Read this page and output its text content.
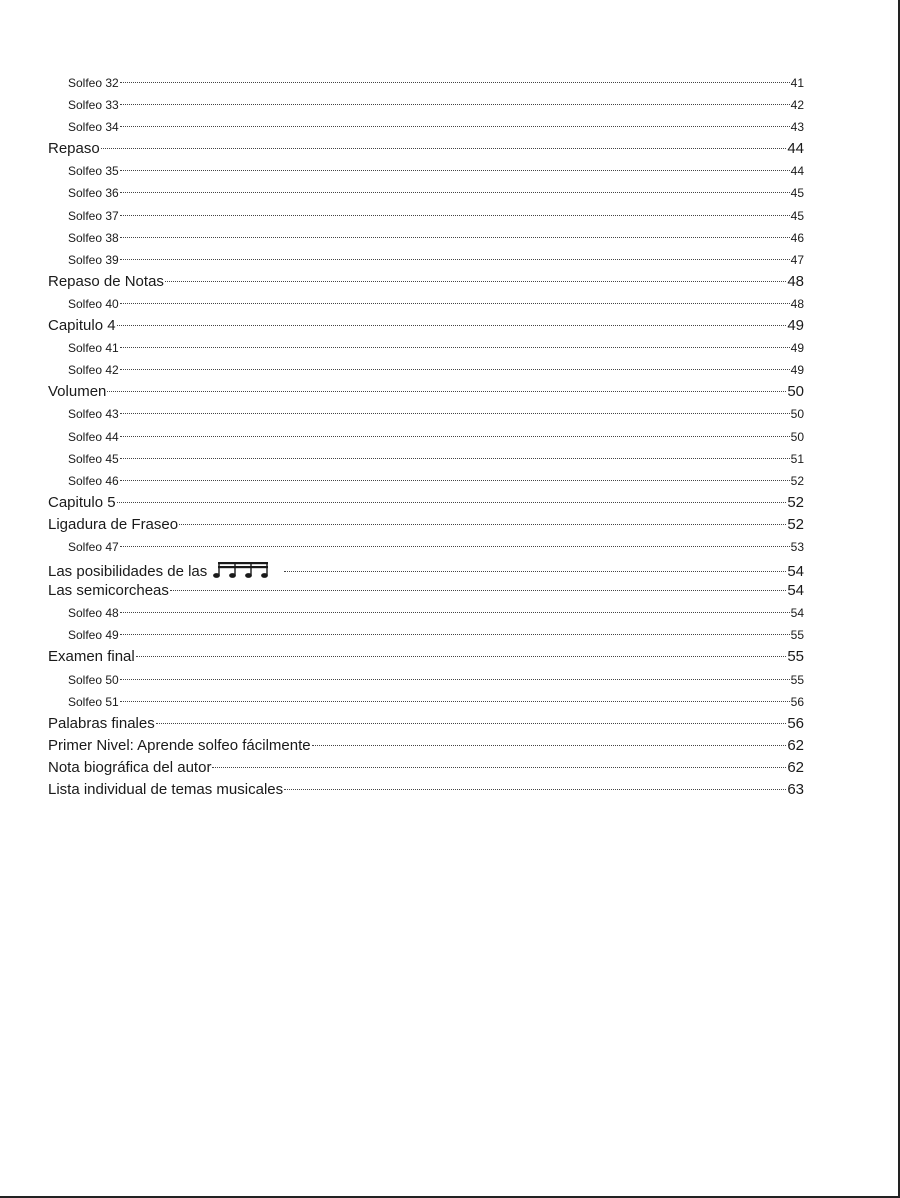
Solfeo 32	41
Solfeo 33	42
Solfeo 34	43
Repaso	44
Solfeo 35	44
Solfeo 36	45
Solfeo 37	45
Solfeo 38	46
Solfeo 39	47
Repaso de Notas	48
Solfeo 40	48
Capitulo 4	49
Solfeo 41	49
Solfeo 42	49
Volumen	50
Solfeo 43	50
Solfeo 44	50
Solfeo 45	51
Solfeo 46	52
Capitulo 5	52
Ligadura de Fraseo	52
Solfeo 47	53
Las posibilidades de las	54
Las semicorcheas	54
Solfeo 48	54
Solfeo 49	55
Examen final	55
Solfeo 50	55
Solfeo 51	56
Palabras finales	56
Primer Nivel: Aprende solfeo fácilmente	62
Nota biográfica del autor	62
Lista individual de temas musicales	63
